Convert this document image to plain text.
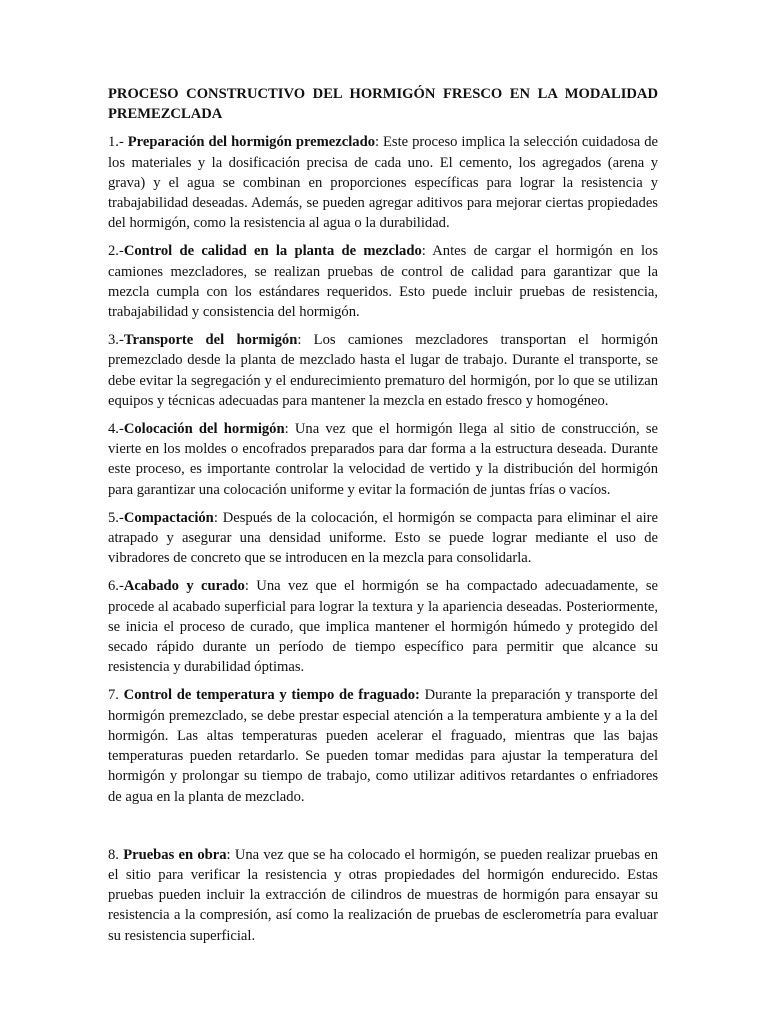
PROCESO CONSTRUCTIVO DEL HORMIGÓN FRESCO EN LA MODALIDAD PREMEZCLADA

1.- Preparación del hormigón premezclado: Este proceso implica la selección cuidadosa de los materiales y la dosificación precisa de cada uno. El cemento, los agregados (arena y grava) y el agua se combinan en proporciones específicas para lograr la resistencia y trabajabilidad deseadas. Además, se pueden agregar aditivos para mejorar ciertas propiedades del hormigón, como la resistencia al agua o la durabilidad.

2.-Control de calidad en la planta de mezclado: Antes de cargar el hormigón en los camiones mezcladores, se realizan pruebas de control de calidad para garantizar que la mezcla cumpla con los estándares requeridos. Esto puede incluir pruebas de resistencia, trabajabilidad y consistencia del hormigón.

3.-Transporte del hormigón: Los camiones mezcladores transportan el hormigón premezclado desde la planta de mezclado hasta el lugar de trabajo. Durante el transporte, se debe evitar la segregación y el endurecimiento prematuro del hormigón, por lo que se utilizan equipos y técnicas adecuadas para mantener la mezcla en estado fresco y homogéneo.

4.-Colocación del hormigón: Una vez que el hormigón llega al sitio de construcción, se vierte en los moldes o encofrados preparados para dar forma a la estructura deseada. Durante este proceso, es importante controlar la velocidad de vertido y la distribución del hormigón para garantizar una colocación uniforme y evitar la formación de juntas frías o vacíos.

5.-Compactación: Después de la colocación, el hormigón se compacta para eliminar el aire atrapado y asegurar una densidad uniforme. Esto se puede lograr mediante el uso de vibradores de concreto que se introducen en la mezcla para consolidarla.

6.-Acabado y curado: Una vez que el hormigón se ha compactado adecuadamente, se procede al acabado superficial para lograr la textura y la apariencia deseadas. Posteriormente, se inicia el proceso de curado, que implica mantener el hormigón húmedo y protegido del secado rápido durante un período de tiempo específico para permitir que alcance su resistencia y durabilidad óptimas.

7. Control de temperatura y tiempo de fraguado: Durante la preparación y transporte del hormigón premezclado, se debe prestar especial atención a la temperatura ambiente y a la del hormigón. Las altas temperaturas pueden acelerar el fraguado, mientras que las bajas temperaturas pueden retardarlo. Se pueden tomar medidas para ajustar la temperatura del hormigón y prolongar su tiempo de trabajo, como utilizar aditivos retardantes o enfriadores de agua en la planta de mezclado.

8. Pruebas en obra: Una vez que se ha colocado el hormigón, se pueden realizar pruebas en el sitio para verificar la resistencia y otras propiedades del hormigón endurecido. Estas pruebas pueden incluir la extracción de cilindros de muestras de hormigón para ensayar su resistencia a la compresión, así como la realización de pruebas de esclerometría para evaluar su resistencia superficial.
